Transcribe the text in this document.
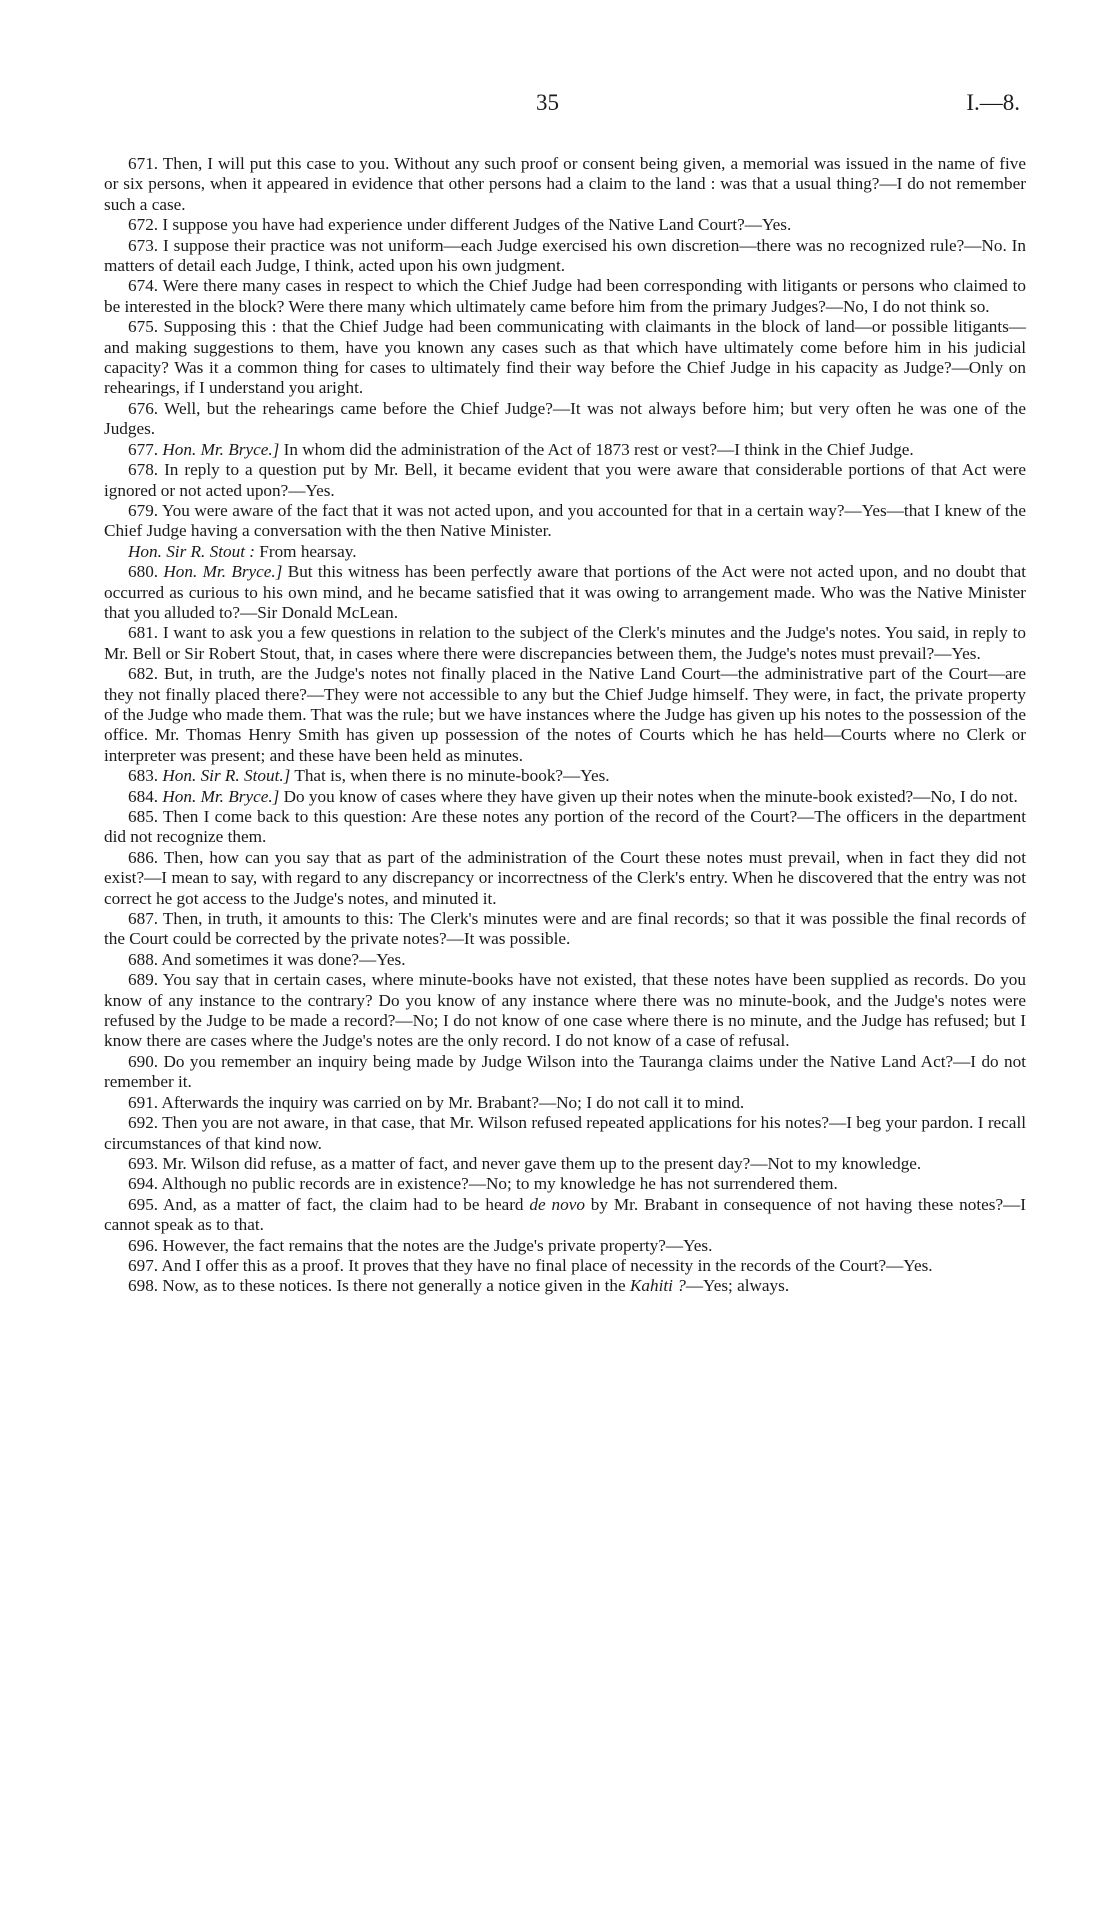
35	I.—8.

671. Then, I will put this case to you. Without any such proof or consent being given, a memorial was issued in the name of five or six persons, when it appeared in evidence that other persons had a claim to the land : was that a usual thing?—I do not remember such a case.

672. I suppose you have had experience under different Judges of the Native Land Court?—Yes.

673. I suppose their practice was not uniform—each Judge exercised his own discretion—there was no recognized rule?—No. In matters of detail each Judge, I think, acted upon his own judgment.

674. Were there many cases in respect to which the Chief Judge had been corresponding with litigants or persons who claimed to be interested in the block? Were there many which ultimately came before him from the primary Judges?—No, I do not think so.

675. Supposing this : that the Chief Judge had been communicating with claimants in the block of land—or possible litigants—and making suggestions to them, have you known any cases such as that which have ultimately come before him in his judicial capacity? Was it a common thing for cases to ultimately find their way before the Chief Judge in his capacity as Judge?—Only on rehearings, if I understand you aright.

676. Well, but the rehearings came before the Chief Judge?—It was not always before him; but very often he was one of the Judges.

677. Hon. Mr. Bryce.] In whom did the administration of the Act of 1873 rest or vest?—I think in the Chief Judge.

678. In reply to a question put by Mr. Bell, it became evident that you were aware that considerable portions of that Act were ignored or not acted upon?—Yes.

679. You were aware of the fact that it was not acted upon, and you accounted for that in a certain way?—Yes—that I knew of the Chief Judge having a conversation with the then Native Minister.

Hon. Sir R. Stout : From hearsay.

680. Hon. Mr. Bryce.] But this witness has been perfectly aware that portions of the Act were not acted upon, and no doubt that occurred as curious to his own mind, and he became satisfied that it was owing to arrangement made. Who was the Native Minister that you alluded to?—Sir Donald McLean.

681. I want to ask you a few questions in relation to the subject of the Clerk's minutes and the Judge's notes. You said, in reply to Mr. Bell or Sir Robert Stout, that, in cases where there were discrepancies between them, the Judge's notes must prevail?—Yes.

682. But, in truth, are the Judge's notes not finally placed in the Native Land Court—the administrative part of the Court—are they not finally placed there?—They were not accessible to any but the Chief Judge himself. They were, in fact, the private property of the Judge who made them. That was the rule; but we have instances where the Judge has given up his notes to the possession of the office. Mr. Thomas Henry Smith has given up possession of the notes of Courts which he has held—Courts where no Clerk or interpreter was present; and these have been held as minutes.

683. Hon. Sir R. Stout.] That is, when there is no minute-book?—Yes.

684. Hon. Mr. Bryce.] Do you know of cases where they have given up their notes when the minute-book existed?—No, I do not.

685. Then I come back to this question: Are these notes any portion of the record of the Court?—The officers in the department did not recognize them.

686. Then, how can you say that as part of the administration of the Court these notes must prevail, when in fact they did not exist?—I mean to say, with regard to any discrepancy or incorrectness of the Clerk's entry. When he discovered that the entry was not correct he got access to the Judge's notes, and minuted it.

687. Then, in truth, it amounts to this: The Clerk's minutes were and are final records; so that it was possible the final records of the Court could be corrected by the private notes?—It was possible.

688. And sometimes it was done?—Yes.

689. You say that in certain cases, where minute-books have not existed, that these notes have been supplied as records. Do you know of any instance to the contrary? Do you know of any instance where there was no minute-book, and the Judge's notes were refused by the Judge to be made a record?—No; I do not know of one case where there is no minute, and the Judge has refused; but I know there are cases where the Judge's notes are the only record. I do not know of a case of refusal.

690. Do you remember an inquiry being made by Judge Wilson into the Tauranga claims under the Native Land Act?—I do not remember it.

691. Afterwards the inquiry was carried on by Mr. Brabant?—No; I do not call it to mind.

692. Then you are not aware, in that case, that Mr. Wilson refused repeated applications for his notes?—I beg your pardon. I recall circumstances of that kind now.

693. Mr. Wilson did refuse, as a matter of fact, and never gave them up to the present day?—Not to my knowledge.

694. Although no public records are in existence?—No; to my knowledge he has not surrendered them.

695. And, as a matter of fact, the claim had to be heard de novo by Mr. Brabant in consequence of not having these notes?—I cannot speak as to that.

696. However, the fact remains that the notes are the Judge's private property?—Yes.

697. And I offer this as a proof. It proves that they have no final place of necessity in the records of the Court?—Yes.

698. Now, as to these notices. Is there not generally a notice given in the Kahiti ?—Yes; always.
